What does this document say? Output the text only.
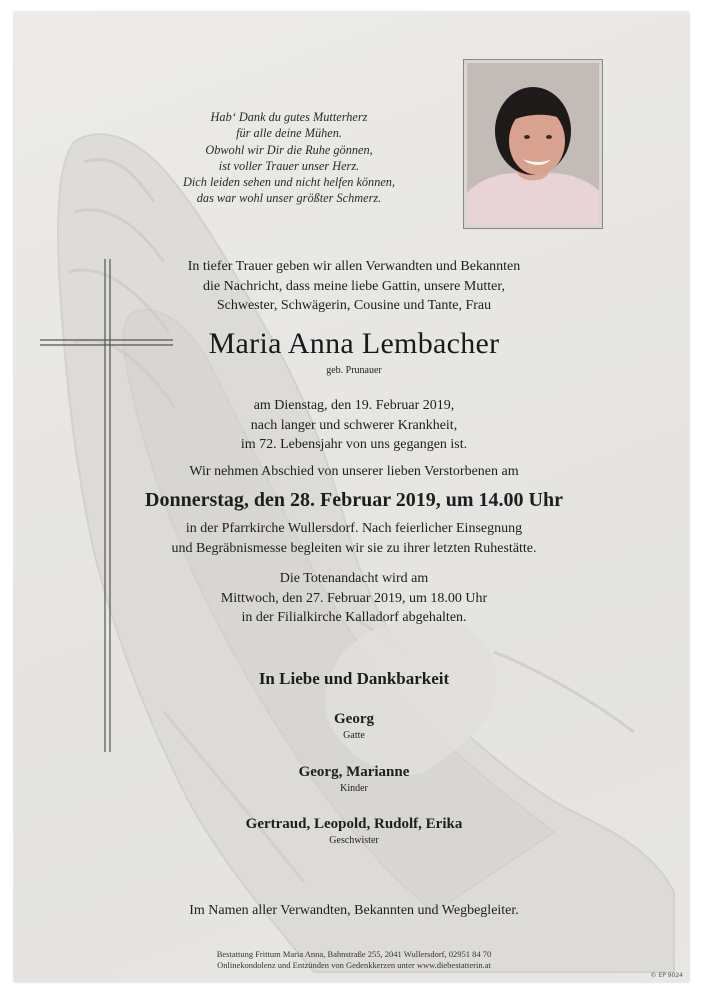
Hab‘ Dank du gutes Mutterherz
für alle deine Mühen.
Obwohl wir Dir die Ruhe gönnen,
ist voller Trauer unser Herz.
Dich leiden sehen und nicht helfen können,
das war wohl unser größter Schmerz.
In tiefer Trauer geben wir allen Verwandten und Bekannten
die Nachricht, dass meine liebe Gattin, unsere Mutter,
Schwester, Schwägerin, Cousine und Tante, Frau
Maria Anna Lembacher
geb. Prunauer
am Dienstag, den 19. Februar 2019,
nach langer und schwerer Krankheit,
im 72. Lebensjahr von uns gegangen ist.
Wir nehmen Abschied von unserer lieben Verstorbenen am
Donnerstag, den 28. Februar 2019, um 14.00 Uhr
in der Pfarrkirche Wullersdorf. Nach feierlicher Einsegnung
und Begräbnismesse begleiten wir sie zu ihrer letzten Ruhestätte.
Die Totenandacht wird am
Mittwoch, den 27. Februar 2019, um 18.00 Uhr
in der Filialkirche Kalladorf abgehalten.
In Liebe und Dankbarkeit
Georg
Gatte
Georg, Marianne
Kinder
Gertraud, Leopold, Rudolf, Erika
Geschwister
Im Namen aller Verwandten, Bekannten und Wegbegleiter.
Bestattung Frittum Maria Anna, Bahnstraße 255, 2041 Wullersdorf, 02951 84 70
Onlinekondolenz und Entzünden von Gedenkkerzen unter www.diebestatterin.at
© EP 9024
